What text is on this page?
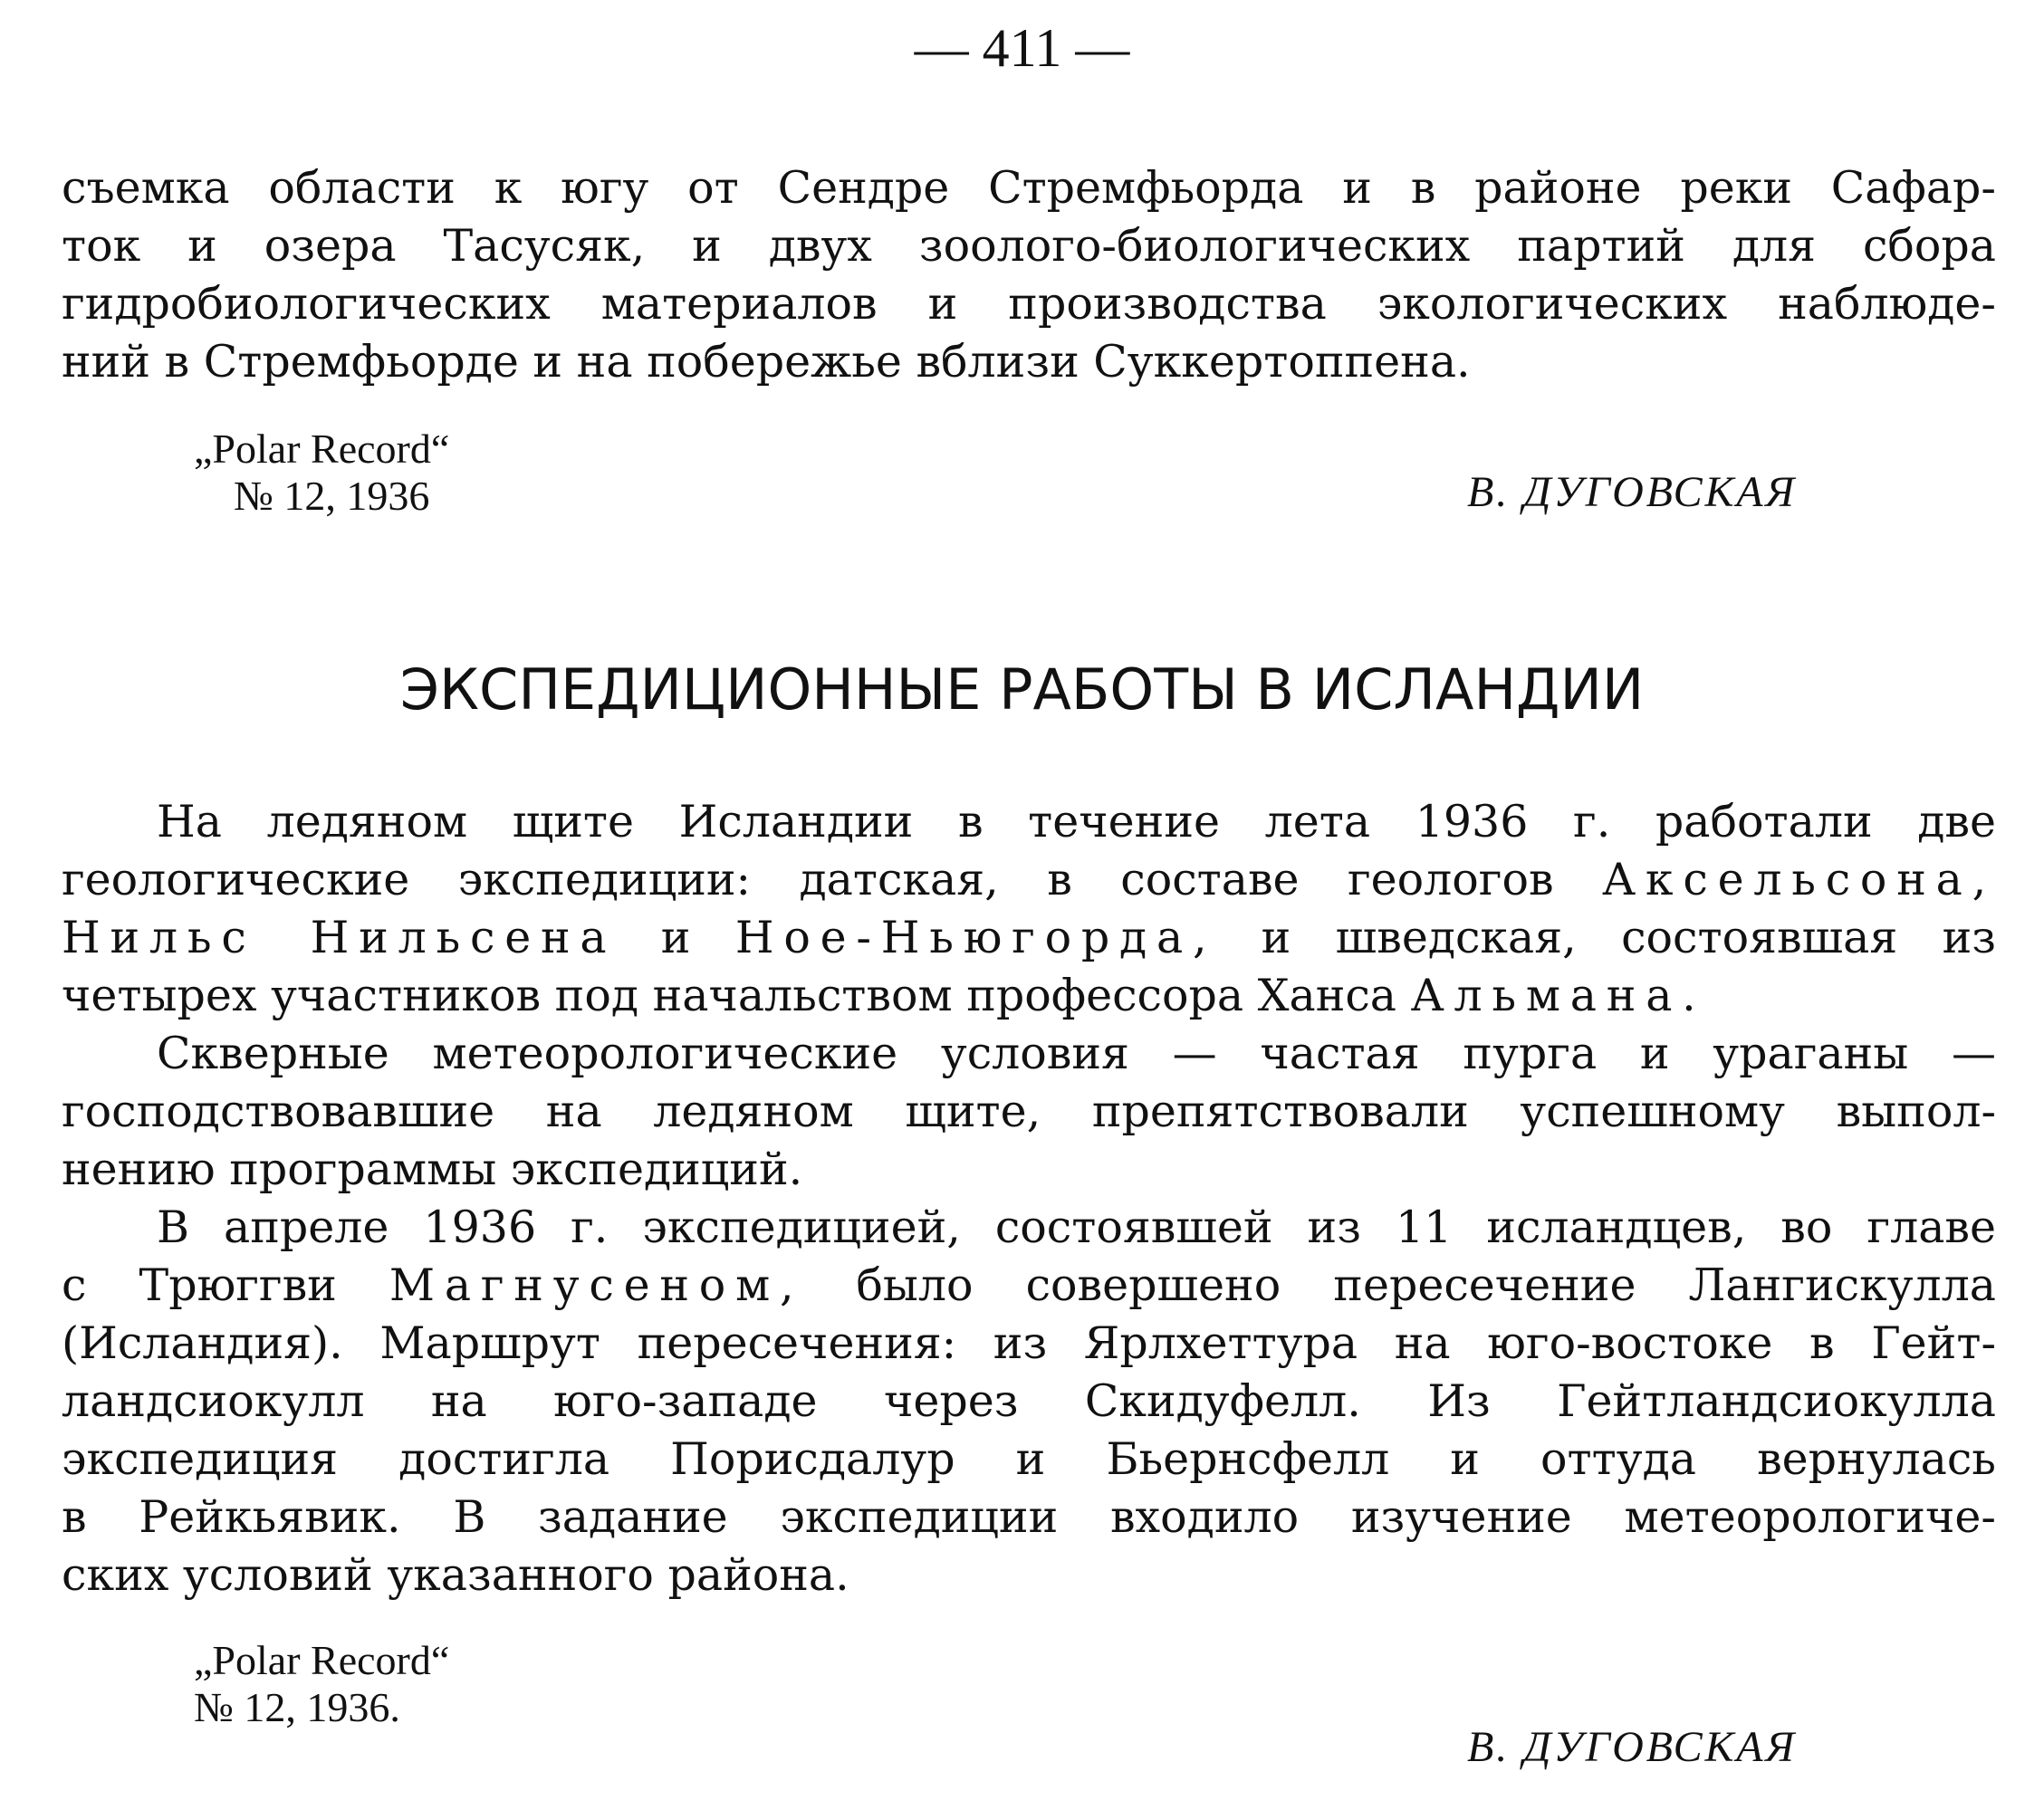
— 411 —
съемка области к югу от Сендре Стремфьорда и в районе реки Сафар-
ток и озера Тасусяк, и двух зоолого-биологических партий для сбора
гидробиологических материалов и производства экологических наблюде-
ний в Стремфьорде и на побережье вблизи Суккертоппена.
„Polar Record“
№ 12, 1936	В. ДУГОВСКАЯ
ЭКСПЕДИЦИОННЫЕ РАБОТЫ В ИСЛАНДИИ
На ледяном щите Исландии в течение лета 1936 г. работали две
геологические экспедиции: датская, в составе геологов Аксельсона,
Нильс Нильсена и Ное-Ньюгорда, и шведская, состоявшая из
четырех участников под начальством профессора Ханса Альмана.
Скверные метеорологические условия — частая пурга и ураганы —
господствовавшие на ледяном щите, препятствовали успешному выпол-
нению программы экспедиций.
В апреле 1936 г. экспедицией, состоявшей из 11 исландцев, во главе
с Трюггви Магнусеном, было совершено пересечение Лангискулла
(Исландия). Маршрут пересечения: из Ярлхеттура на юго-востоке в Гейт-
ландсиокулл на юго-западе через Скидуфелл. Из Гейтландсиокулла
экспедиция достигла Порисдалур и Бьернсфелл и оттуда вернулась
в Рейкьявик. В задание экспедиции входило изучение метеорологиче-
ских условий указанного района.
„Polar Record“
№ 12, 1936.
В. ДУГОВСКАЯ
